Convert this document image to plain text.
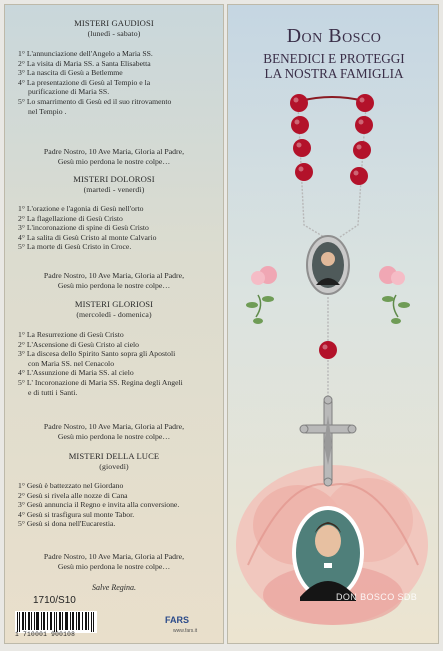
MISTERI GAUDIOSI
(lunedì - sabato)
1° L'annunciazione dell'Angelo a Maria SS.
2° La visita di Maria SS. a Santa Elisabetta
3° La nascita di Gesù a Betlemme
4° La presentazione di Gesù al Tempio e la
purificazione di Maria SS.
5° Lo smarrimento di Gesù ed il suo ritrovamento
nel Tempio .
Padre Nostro, 10 Ave Maria, Gloria al Padre,
Gesù mio perdona le nostre colpe…
MISTERI DOLOROSI
(martedì - venerdì)
1° L'orazione e l'agonia di Gesù nell'orto
2° La flagellazione di Gesù Cristo
3° L'incoronazione di spine di Gesù Cristo
4° La salita di Gesù Cristo al monte Calvario
5° La morte di Gesù Cristo in Croce.
Padre Nostro, 10 Ave Maria, Gloria al Padre,
Gesù mio perdona le nostre colpe…
MISTERI GLORIOSI
(mercoledì - domenica)
1° La Resurrezione di Gesù Cristo
2° L'Ascensione di Gesù Cristo al cielo
3° La discesa dello Spirito Santo sopra gli Apostoli
con Maria SS. nel Cenacolo
4° L'Assunzione di Maria SS. al cielo
5° L' Incoronazione di Maria SS. Regina degli Angeli
e di tutti i Santi.
Padre Nostro, 10 Ave Maria, Gloria al Padre,
Gesù mio perdona le nostre colpe…
MISTERI DELLA LUCE
(giovedì)
1° Gesù è battezzato nel Giordano
2° Gesù si rivela alle nozze di Cana
3° Gesù annuncia il Regno e invita alla conversione.
4° Gesù si trasfigura sul monte Tabor.
5° Gesù si dona nell'Eucarestia.
Padre Nostro, 10 Ave Maria, Gloria al Padre,
Gesù mio perdona le nostre colpe…
Salve Regina.
1710/S10
1 710001 900108
FARS
www.fars.it
Don Bosco
BENEDICI E PROTEGGI
LA NOSTRA FAMIGLIA
DON BOSCO SDB
